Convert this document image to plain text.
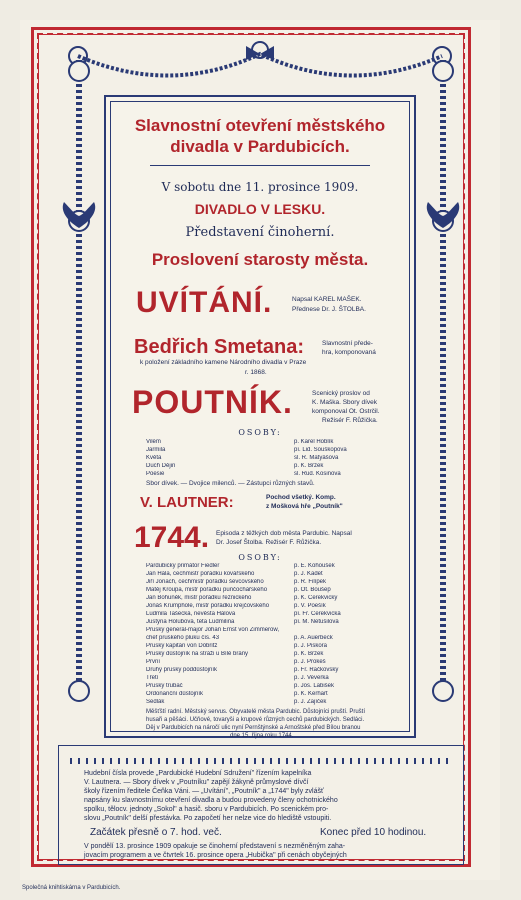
Slavnostní otevření městského
divadla v Pardubicích.
V sobotu dne 11. prosince 1909.
DIVADLO V LESKU.
Představení činoherní.
Proslovení starosty města.
UVÍTÁNÍ.	Napsal KAREL MAŠEK.
Přednese Dr. J. ŠTOLBA.
Bedřich Smetana:	Slavnostní přede-
hra, komponovaná
k položení základního kamene Národního divadla v Praze
r. 1868.
POUTNÍK.	Scenický proslov od
K. Maška. Sbory dívek
komponoval Ot. Ostrčil.
Režisér F. Růžička.
OSOBY:
Vilém	p. Karel Hoblík
Jarmila	pí. Lid. Souškopova
Květa	sl. R. Matyášova
Duch Dějin	p. K. Brzek
Poesie	sl. Rud. Kosinova
Sbor dívek. — Dvojice milenců. — Zástupci různých stavů.
V. LAUTNER:	Pochod všetký. Komp.
z Mošková hře „Poutník"
1744. Episoda z těžkých dob města Pardubic. Napsal
Dr. Josef Štolba. Režisér F. Růžička.
OSOBY:
Pardubický primátor Fiedler	p. E. Kohoušek
Jan Hála, cechmistr pořádku kovářského	p. J. Kadet
Jiří Jonach, cechmistr pořádku ševcovského	p. R. Filípek
Matěj Kroupa, mistr pořádku punčochářského	p. Ot. Boušep
Jan Bohuněk, mistr pořádku řeznického	p. K. Cerekvický
Jonáš Krumphole, mistr pořádku krejčovského	p. V. Poešík
Ludmila Tašecká, nevěsta Hálova	pí. Fr. Cerekvická
Justýna Holubová, teta Ludmilina	pí. M. Netušilová
Pruský generál-major Johan Ernst von Zimmerow,
chef pruského pluku čís. 43	p. A. Auerbeck
Pruský kapitán von Döbritz	p. J. Piskora
Pruský důstojník na stráži u Bílé brány	p. K. Brzek
První	p. J. Prokeš
Druhý pruský poddůstojník	p. Fr. Račkovský
Třetí	p. J. Veverka
Pruský trubač	p. Jos. Labišek
Ordonanční důstojník	p. K. Kerhart
Sedlák	p. J. Zajíček
Měšťští radní. Městský servus. Obyvatelé města Pardubic. Důstojníci pruští. Pruští
husaři a pěšáci. Učňové, tovaryši a krupové různých cechů pardubických. Sedláci.
Děj v Pardubicích na náročí ulic nyní Pernštýnské a Arnoštské před Bílou branou
dne 15. října roku 1744.
Hudební čísla provede „Pardubické Hudební Sdružení" řízením kapelníka
V. Lautnera. — Sbory dívek v „Poutníku" zapějí žákyně průmyslové dívčí
školy řízením ředitele Čeňka Váni. — „Uvítání", „Poutník" a „1744" byly zvlášť
napsány ku slavnostnímu otevření divadla a budou provedeny členy ochotnického
spolku, tělocv. jednoty „Sokol" a hasič. sboru v Pardubicích. Po scenickém pro-
slovu „Poutník" delší přestávka. Po započetí her nelze vice do hlediště vstoupiti.
Začátek přesně o 7. hod. več.	Konec před 10 hodinou.
V pondělí 13. prosince 1909 opakuje se činoherní představení s nezměněným zaha-
jovacím programem a ve čtvrtek 16. prosince opera „Hubička" při cenách obyčejných
Společná knihtiskárna v Pardubicích.
